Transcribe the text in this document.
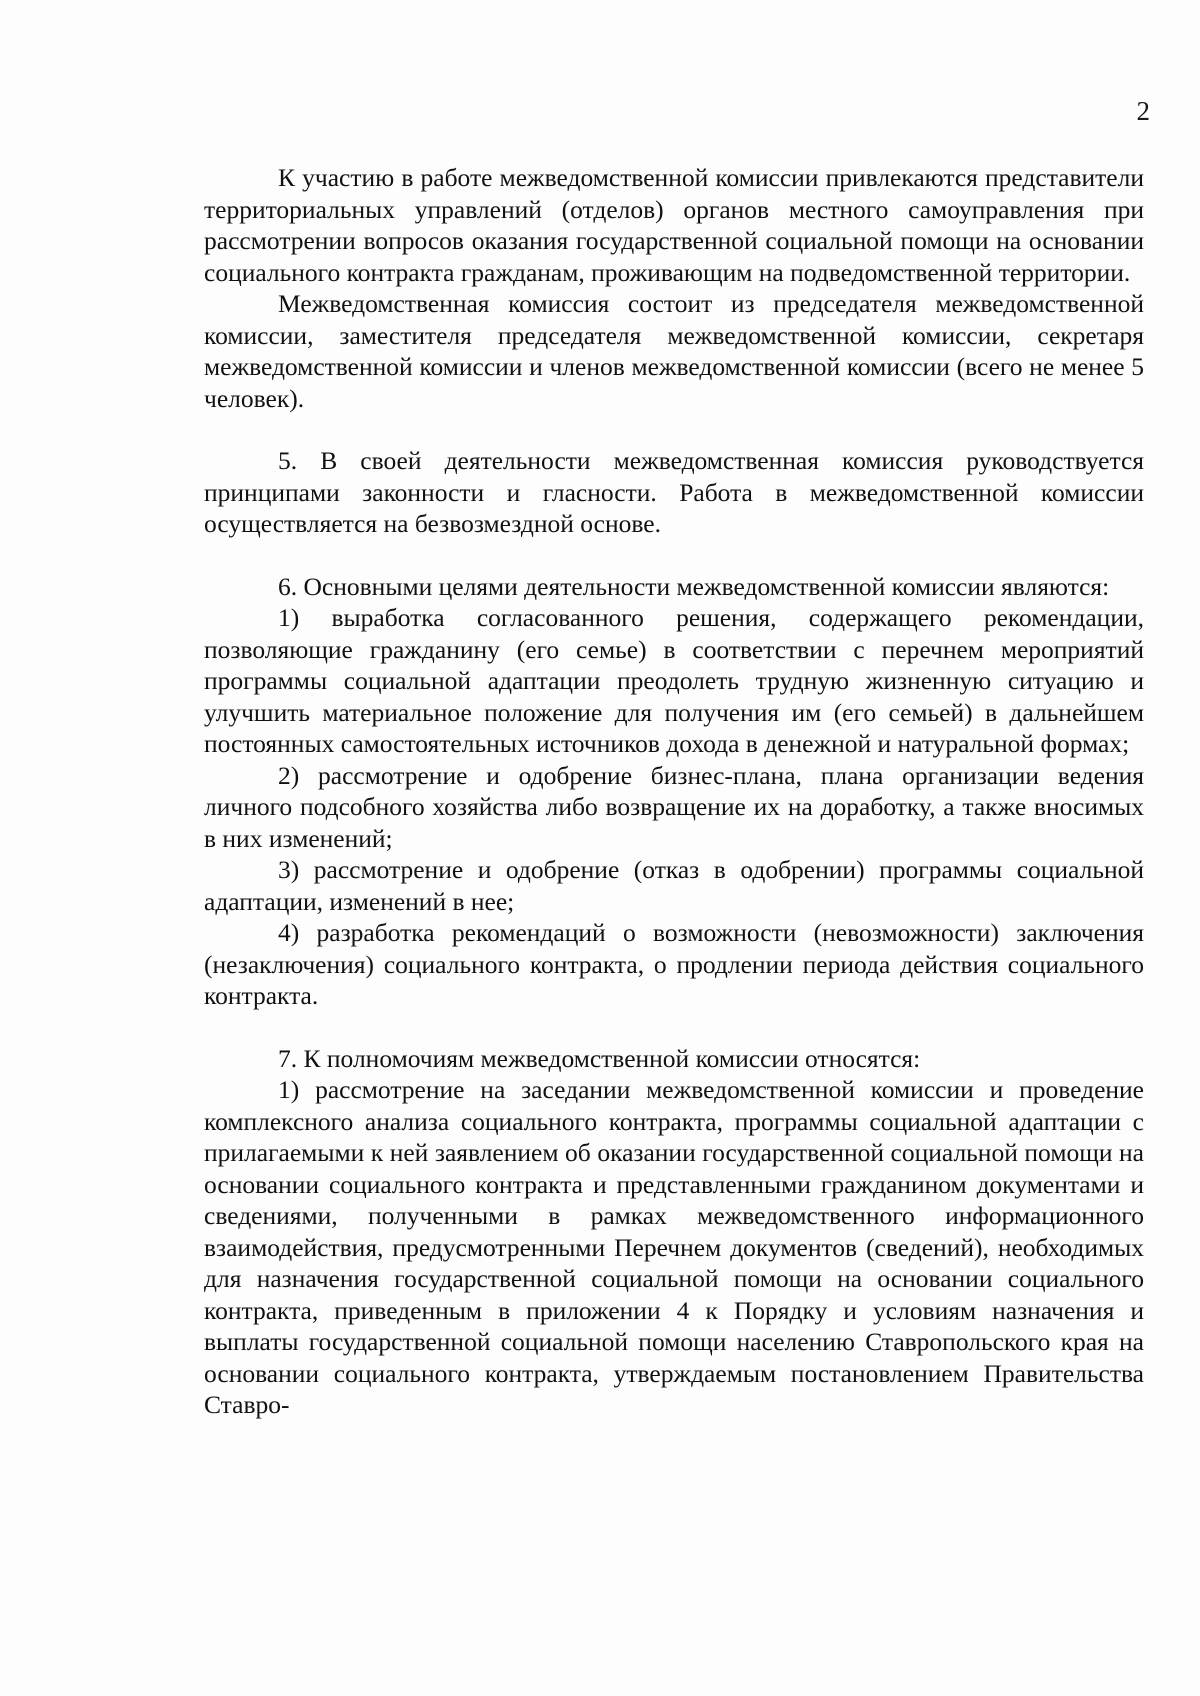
2

К участию в работе межведомственной комиссии привлекаются представители территориальных управлений (отделов) органов местного самоуправления при рассмотрении вопросов оказания государственной социальной помощи на основании социального контракта гражданам, проживающим на подведомственной территории.

Межведомственная комиссия состоит из председателя межведомственной комиссии, заместителя председателя межведомственной комиссии, секретаря межведомственной комиссии и членов межведомственной комиссии (всего не менее 5 человек).

5. В своей деятельности межведомственная комиссия руководствуется принципами законности и гласности. Работа в межведомственной комиссии осуществляется на безвозмездной основе.

6. Основными целями деятельности межведомственной комиссии являются:

1) выработка согласованного решения, содержащего рекомендации, позволяющие гражданину (его семье) в соответствии с перечнем мероприятий программы социальной адаптации преодолеть трудную жизненную ситуацию и улучшить материальное положение для получения им (его семьей) в дальнейшем постоянных самостоятельных источников дохода в денежной и натуральной формах;

2) рассмотрение и одобрение бизнес-плана, плана организации ведения личного подсобного хозяйства либо возвращение их на доработку, а также вносимых в них изменений;

3) рассмотрение и одобрение (отказ в одобрении) программы социальной адаптации, изменений в нее;

4) разработка рекомендаций о возможности (невозможности) заключения (незаключения) социального контракта, о продлении периода действия социального контракта.

7. К полномочиям межведомственной комиссии относятся:

1) рассмотрение на заседании межведомственной комиссии и проведение комплексного анализа социального контракта, программы социальной адаптации с прилагаемыми к ней заявлением об оказании государственной социальной помощи на основании социального контракта и представленными гражданином документами и сведениями, полученными в рамках межведомственного информационного взаимодействия, предусмотренными Перечнем документов (сведений), необходимых для назначения государственной социальной помощи на основании социального контракта, приведенным в приложении 4 к Порядку и условиям назначения и выплаты государственной социальной помощи населению Ставропольского края на основании социального контракта, утверждаемым постановлением Правительства Ставро-
